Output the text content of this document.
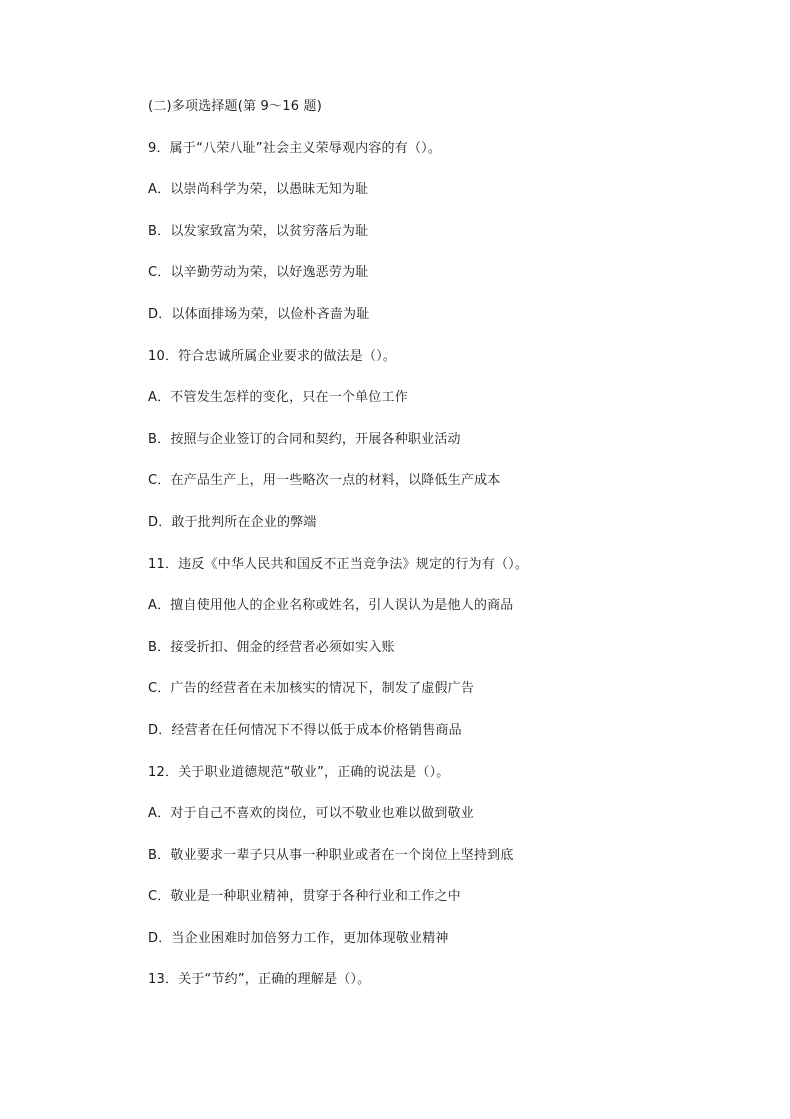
(二)多项选择题(第 9～16 题)
9．属于“八荣八耻”社会主义荣辱观内容的有（）。
A．以崇尚科学为荣，以愚昧无知为耻
B．以发家致富为荣，以贫穷落后为耻
C．以辛勤劳动为荣，以好逸恶劳为耻
D．以体面排场为荣，以俭朴吝啬为耻
10．符合忠诚所属企业要求的做法是（）。
A．不管发生怎样的变化，只在一个单位工作
B．按照与企业签订的合同和契约，开展各种职业活动
C．在产品生产上，用一些略次一点的材料，以降低生产成本
D．敢于批判所在企业的弊端
11．违反《中华人民共和国反不正当竞争法》规定的行为有（）。
A．擅自使用他人的企业名称或姓名，引人误认为是他人的商品
B．接受折扣、佣金的经营者必须如实入账
C．广告的经营者在未加核实的情况下，制发了虚假广告
D．经营者在任何情况下不得以低于成本价格销售商品
12．关于职业道德规范“敬业”，正确的说法是（）。
A．对于自己不喜欢的岗位，可以不敬业也难以做到敬业
B．敬业要求一辈子只从事一种职业或者在一个岗位上坚持到底
C．敬业是一种职业精神，贯穿于各种行业和工作之中
D．当企业困难时加倍努力工作，更加体现敬业精神
13．关于“节约”，正确的理解是（）。
